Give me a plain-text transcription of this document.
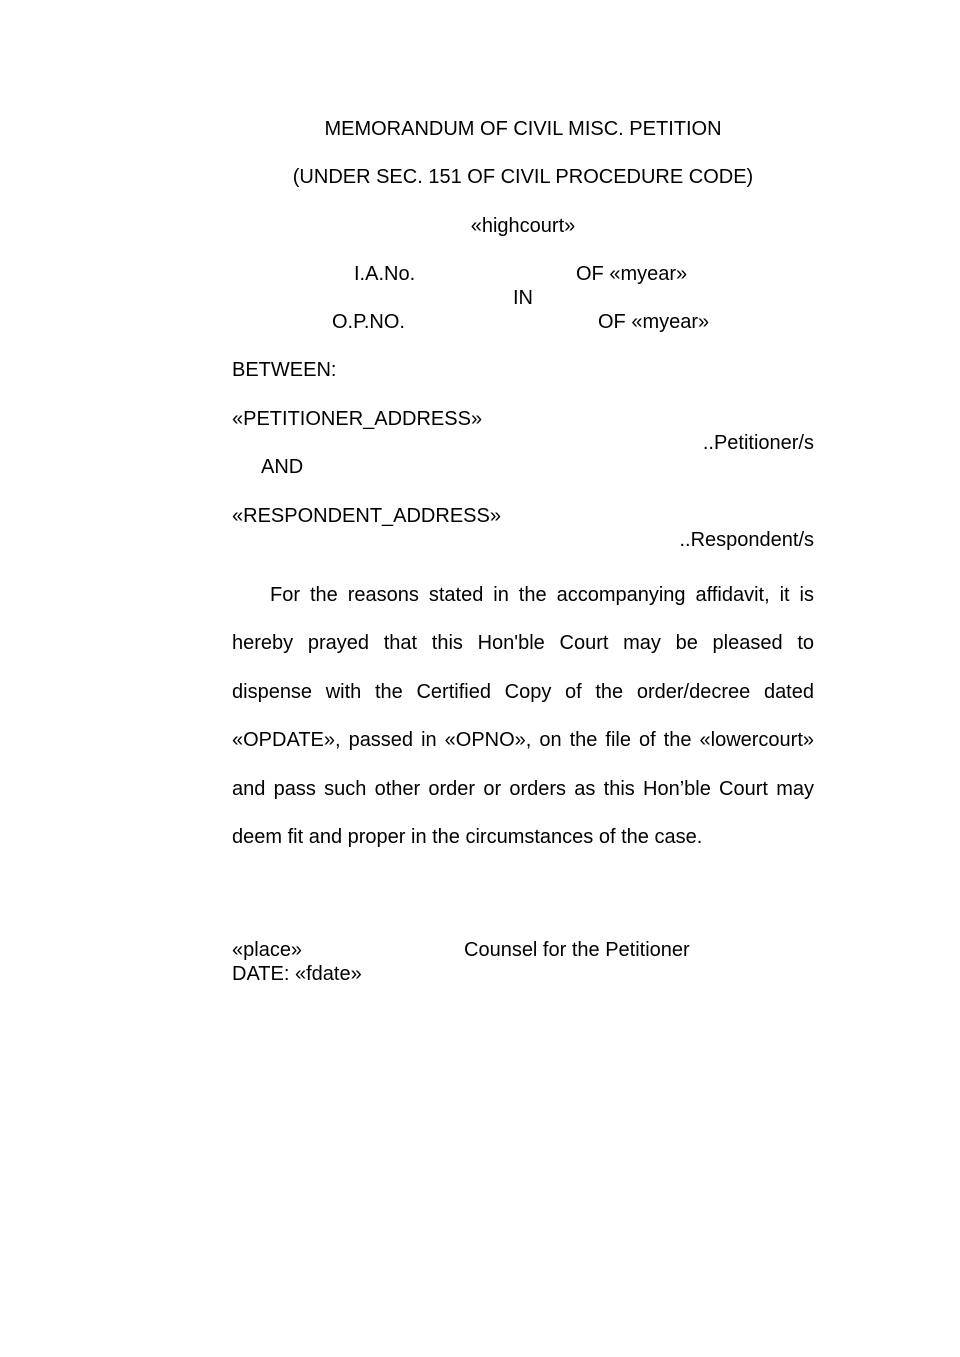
MEMORANDUM OF CIVIL MISC. PETITION
(UNDER SEC. 151 OF CIVIL PROCEDURE CODE)
«highcourt»
I.A.No.	OF «myear»
IN
O.P.NO.	OF «myear»
BETWEEN:
«PETITIONER_ADDRESS»
..Petitioner/s
AND
«RESPONDENT_ADDRESS»
..Respondent/s

For the reasons stated in the accompanying affidavit, it is hereby prayed that this Hon'ble Court may be pleased to dispense with the Certified Copy of the order/decree dated «OPDATE», passed in «OPNO», on the file of the «lowercourt» and pass such other order or orders as this Hon’ble Court may deem fit and proper in the circumstances of the case.

«place»	Counsel for the Petitioner
DATE: «fdate»
